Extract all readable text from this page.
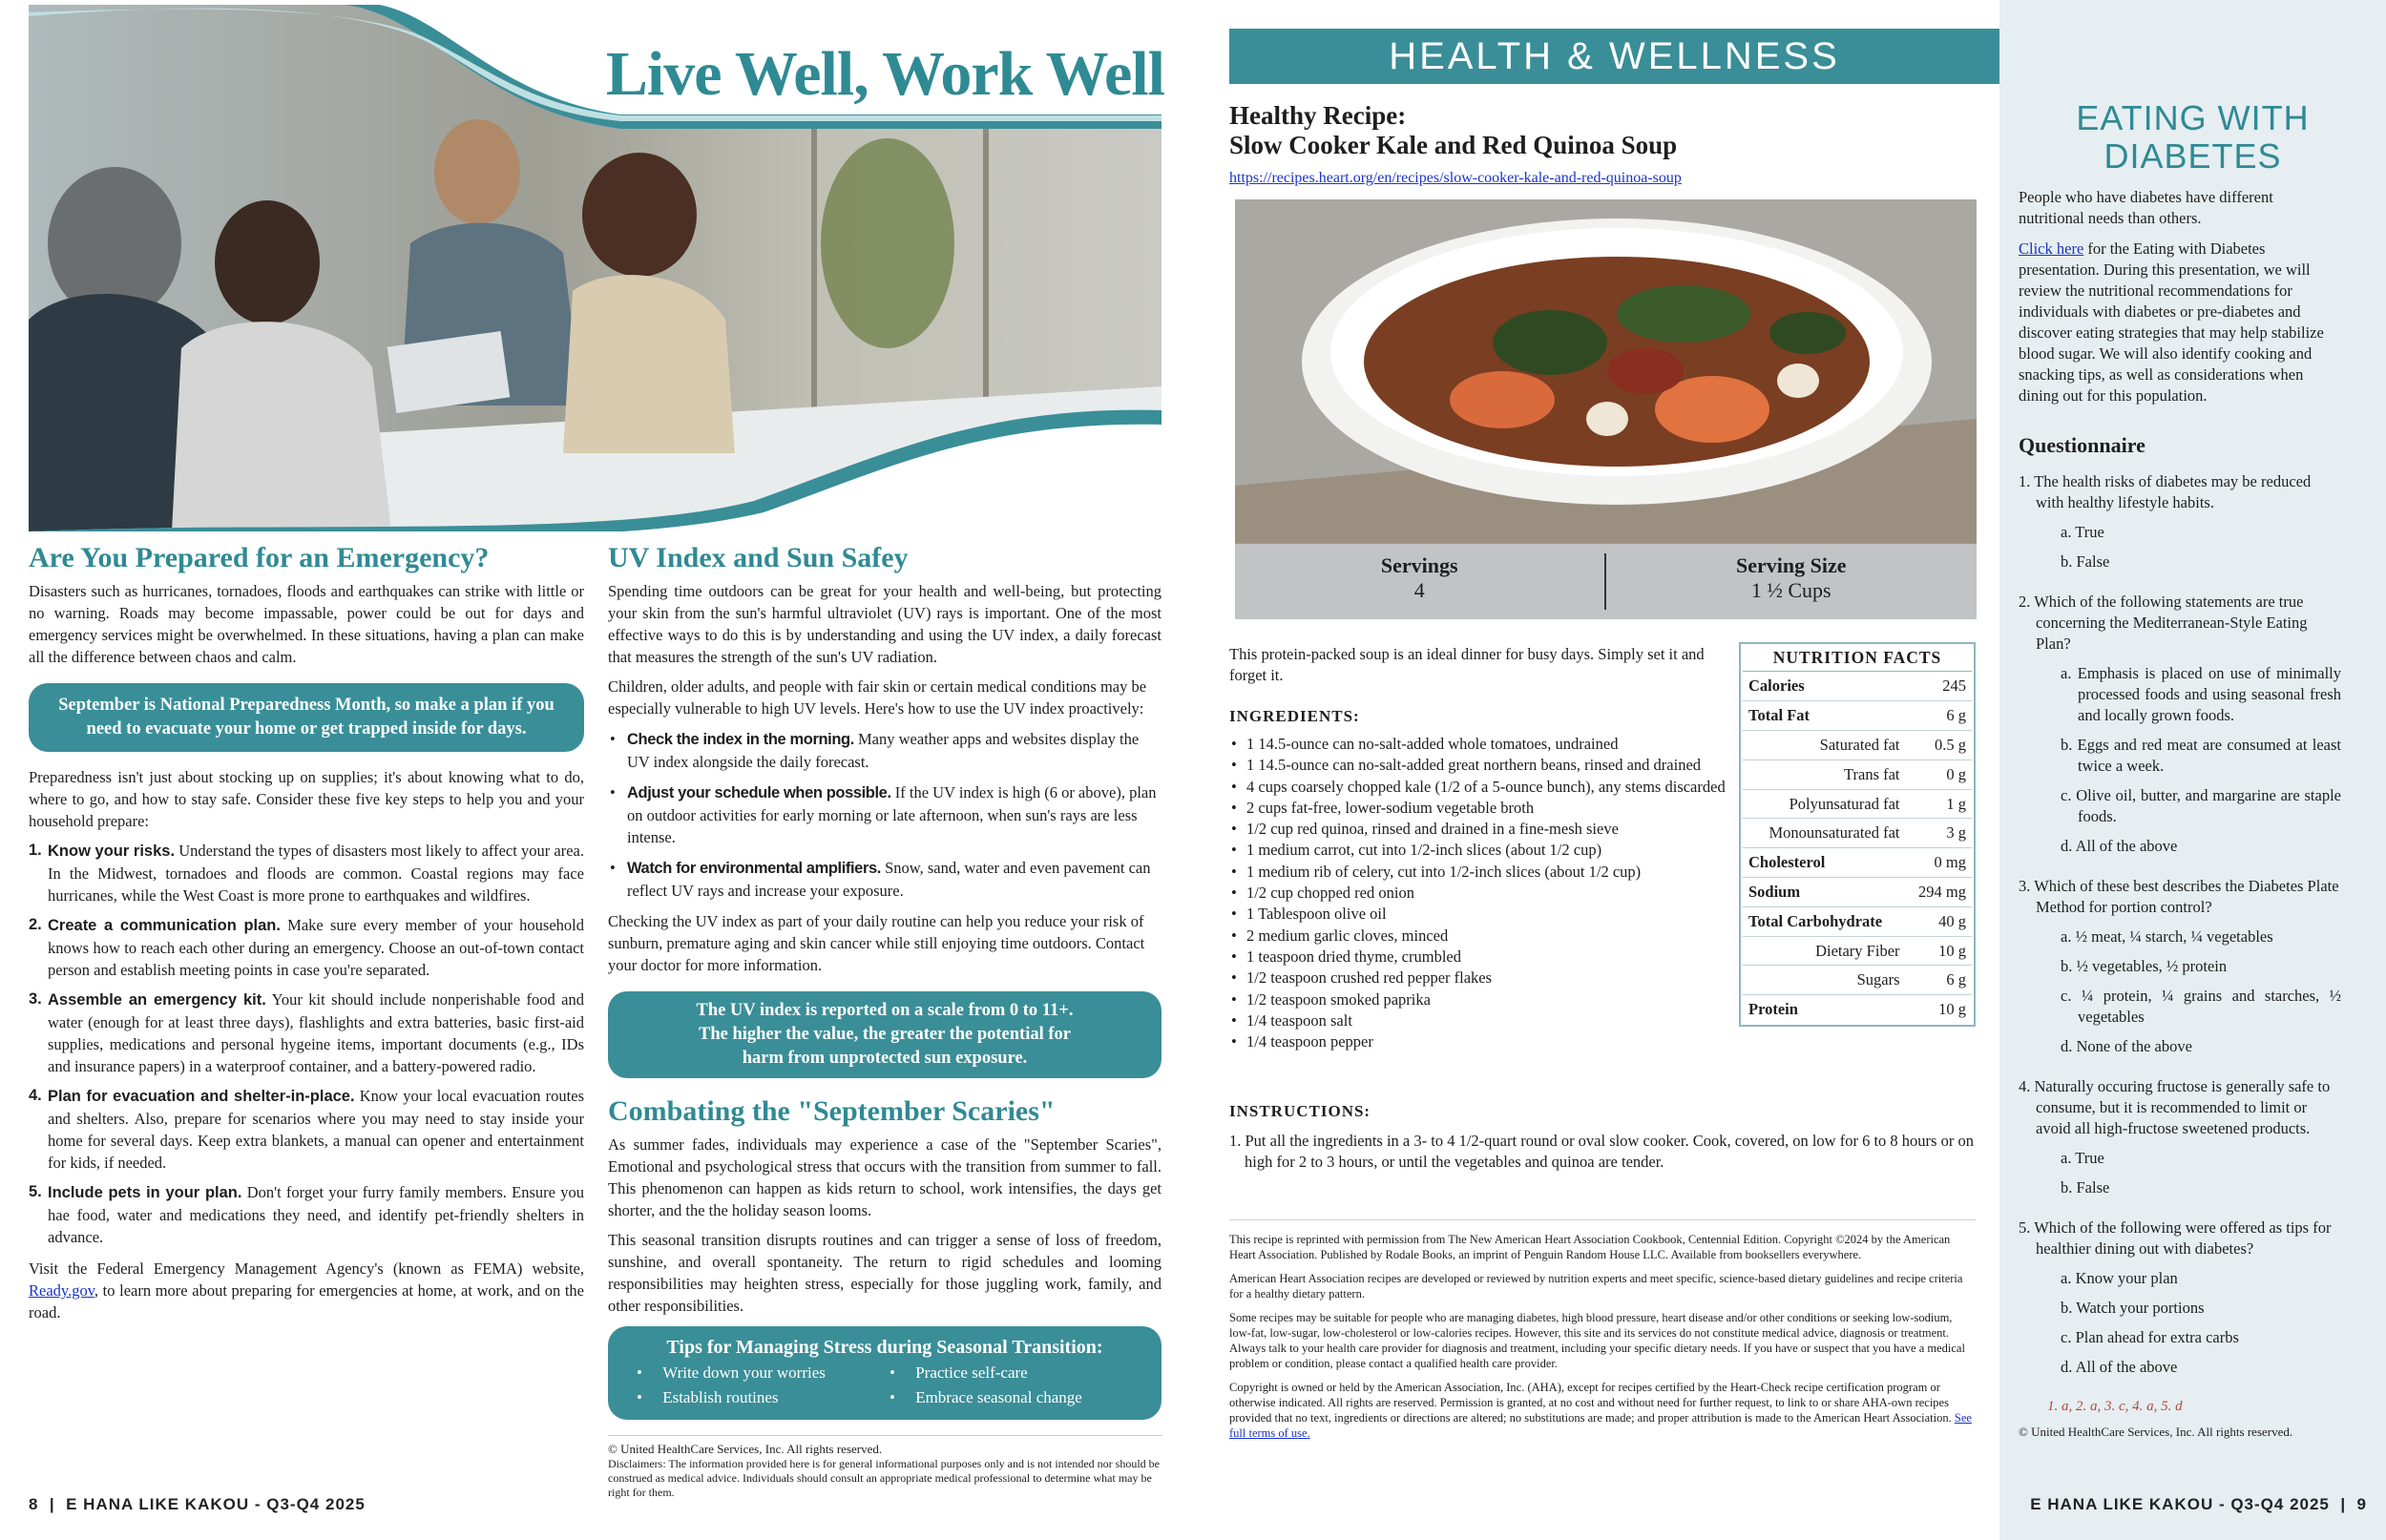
Live Well, Work Well
Are You Prepared for an Emergency?

Disasters such as hurricanes, tornadoes, floods and earthquakes can strike with little or no warning. Roads may become impassable, power could be out for days and emergency services might be overwhelmed. In these situations, having a plan can make all the difference between chaos and calm.

September is National Preparedness Month, so make a plan if you need to evacuate your home or get trapped inside for days.

Preparedness isn't just about stocking up on supplies; it's about knowing what to do, where to go, and how to stay safe. Consider these five key steps to help you and your household prepare:

1. Know your risks. Understand the types of disasters most likely to affect your area. In the Midwest, tornadoes and floods are common. Coastal regions may face hurricanes, while the West Coast is more prone to earthquakes and wildfires.
2. Create a communication plan. Make sure every member of your household knows how to reach each other during an emergency. Choose an out-of-town contact person and establish meeting points in case you're separated.
3. Assemble an emergency kit. Your kit should include nonperishable food and water (enough for at least three days), flashlights and extra batteries, basic first-aid supplies, medications and personal hygeine items, important documents (e.g., IDs and insurance papers) in a waterproof container, and a battery-powered radio.
4. Plan for evacuation and shelter-in-place. Know your local evacuation routes and shelters. Also, prepare for scenarios where you may need to stay inside your home for several days. Keep extra blankets, a manual can opener and entertainment for kids, if needed.
5. Include pets in your plan. Don't forget your furry family members. Ensure you hae food, water and medications they need, and identify pet-friendly shelters in advance.

Visit the Federal Emergency Management Agency's (known as FEMA) website, Ready.gov, to learn more about preparing for emergencies at home, at work, and on the road.

UV Index and Sun Safey

Spending time outdoors can be great for your health and well-being, but protecting your skin from the sun's harmful ultraviolet (UV) rays is important. One of the most effective ways to do this is by understanding and using the UV index, a daily forecast that measures the strength of the sun's UV radiation.

Children, older adults, and people with fair skin or certain medical conditions may be especially vulnerable to high UV levels. Here's how to use the UV index proactively:

• Check the index in the morning. Many weather apps and websites display the UV index alongside the daily forecast.
• Adjust your schedule when possible. If the UV index is high (6 or above), plan on outdoor activities for early morning or late afternoon, when sun's rays are less intense.
• Watch for environmental amplifiers. Snow, sand, water and even pavement can reflect UV rays and increase your exposure.

Checking the UV index as part of your daily routine can help you reduce your risk of sunburn, premature aging and skin cancer while still enjoying time outdoors. Contact your doctor for more information.

The UV index is reported on a scale from 0 to 11+.
The higher the value, the greater the potential for
harm from unprotected sun exposure.
Combating the "September Scaries"

As summer fades, individuals may experience a case of the "September Scaries", Emotional and psychological stress that occurs with the transition from summer to fall. This phenomenon can happen as kids return to school, work intensifies, the days get shorter, and the the holiday season looms.

This seasonal transition disrupts routines and can trigger a sense of loss of freedom, sunshine, and overall spontaneity. The return to rigid schedules and looming responsibilities may heighten stress, especially for those juggling work, family, and other responsibilities.

Tips for Managing Stress during Seasonal Transition:
•     Write down your worries	•     Practice self-care
•     Establish routines	•     Embrace seasonal change

© United HealthCare Services, Inc. All rights reserved.

Disclaimers: The information provided here is for general informational purposes only and is not intended nor should be construed as medical advice. Individuals should consult an appropriate medical professional to determine what may be right for them.

8  |  E HANA LIKE KAKOU - Q3-Q4 2025
HEALTH & WELLNESS
Healthy Recipe:
Slow Cooker Kale and Red Quinoa Soup
https://recipes.heart.org/en/recipes/slow-cooker-kale-and-red-quinoa-soup
Servings
4
Serving Size
1 ½ Cups

This protein-packed soup is an ideal dinner for busy days. Simply set it and forget it.

INGREDIENTS:
• 1 14.5-ounce can no-salt-added whole tomatoes, undrained
• 1 14.5-ounce can no-salt-added great northern beans, rinsed and drained
• 4 cups coarsely chopped kale (1/2 of a 5-ounce bunch), any stems discarded
• 2 cups fat-free, lower-sodium vegetable broth
• 1/2 cup red quinoa, rinsed and drained in a fine-mesh sieve
• 1 medium carrot, cut into 1/2-inch slices (about 1/2 cup)
• 1 medium rib of celery, cut into 1/2-inch slices (about 1/2 cup)
• 1/2 cup chopped red onion
• 1 Tablespoon olive oil
• 2 medium garlic cloves, minced
• 1 teaspoon dried thyme, crumbled
• 1/2 teaspoon crushed red pepper flakes
• 1/2 teaspoon smoked paprika
• 1/4 teaspoon salt
• 1/4 teaspoon pepper
NUTRITION FACTS
Calories	245
Total Fat	6 g
Saturated fat	0.5 g
Trans fat	0 g
Polyunsaturad fat	1 g
Monounsaturated fat	3 g
Cholesterol	0 mg
Sodium	294 mg
Total Carbohydrate	40 g
Dietary Fiber	10 g
Sugars	6 g
Protein	10 g
INSTRUCTIONS:

1. Put all the ingredients in a 3- to 4 1/2-quart round or oval slow cooker. Cook, covered, on low for 6 to 8 hours or on high for 2 to 3 hours, or until the vegetables and quinoa are tender.

This recipe is reprinted with permission from The New American Heart Association Cookbook, Centennial Edition. Copyright ©2024 by the American Heart Association. Published by Rodale Books, an imprint of Penguin Random House LLC. Available from booksellers everywhere.

American Heart Association recipes are developed or reviewed by nutrition experts and meet specific, science-based dietary guidelines and recipe criteria for a healthy dietary pattern.

Some recipes may be suitable for people who are managing diabetes, high blood pressure, heart disease and/or other conditions or seeking low-sodium, low-fat, low-sugar, low-cholesterol or low-calories recipes. However, this site and its services do not constitute medical advice, diagnosis or treatment. Always talk to your health care provider for diagnosis and treatment, including your specific dietary needs. If you have or suspect that you have a medical problem or condition, please contact a qualified health care provider.

Copyright is owned or held by the American Association, Inc. (AHA), except for recipes certified by the Heart-Check recipe certification program or otherwise indicated. All rights are reserved. Permission is granted, at no cost and without need for further request, to link to or share AHA-own recipes provided that no text, ingredients or directions are altered; no substitutions are made; and proper attribution is made to the American Heart Association. See full terms of use.

EATING WITH
DIABETES

People who have diabetes have different nutritional needs than others.

Click here for the Eating with Diabetes presentation. During this presentation, we will review the nutritional recommendations for individuals with diabetes or pre-diabetes and discover eating strategies that may help stabilize blood sugar. We will also identify cooking and snacking tips, as well as considerations when dining out for this population.

Questionnaire
1. The health risks of diabetes may be reduced with healthy lifestyle habits.
a. True
b. False
2. Which of the following statements are true concerning the Mediterranean-Style Eating Plan?
a. Emphasis is placed on use of minimally processed foods and using seasonal fresh and locally grown foods.
b. Eggs and red meat are consumed at least twice a week.
c. Olive oil, butter, and margarine are staple foods.
d. All of the above
3. Which of these best describes the Diabetes Plate Method for portion control?
a. ½ meat, ¼ starch, ¼ vegetables
b. ½ vegetables, ½ protein
c. ¼ protein, ¼ grains and starches, ½ vegetables
d. None of the above
4. Naturally occuring fructose is generally safe to consume, but it is recommended to limit or avoid all high-fructose sweetened products.
a. True
b. False
5. Which of the following were offered as tips for healthier dining out with diabetes?
a. Know your plan
b. Watch your portions
c. Plan ahead for extra carbs
d. All of the above
1. a, 2. a, 3. c, 4. a, 5. d
© United HealthCare Services, Inc. All rights reserved.
E HANA LIKE KAKOU - Q3-Q4 2025  |  9
